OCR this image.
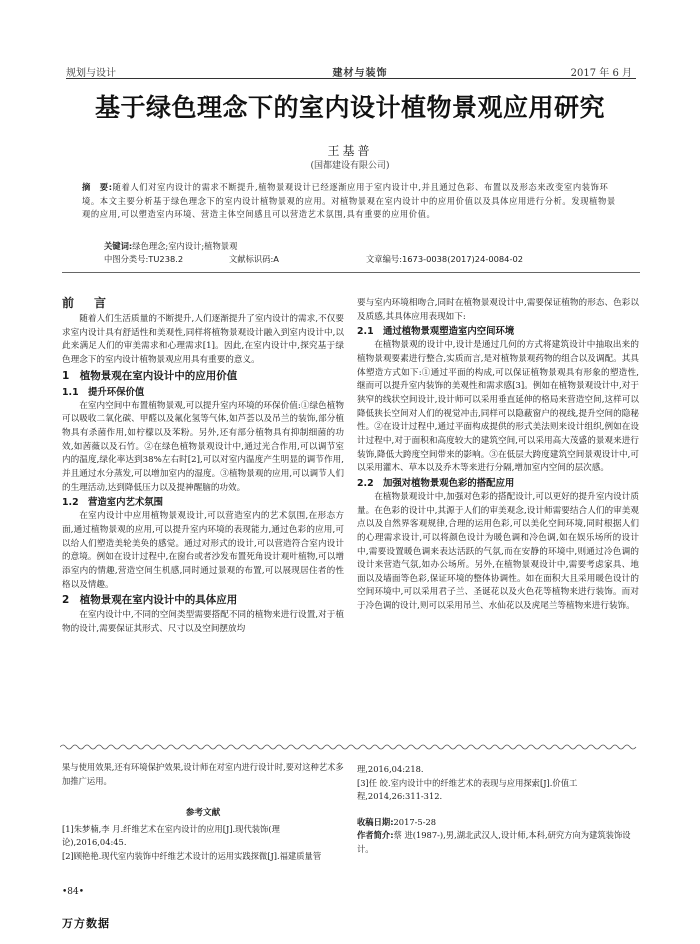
规划与设计	建材与装饰	2017 年 6 月
基于绿色理念下的室内设计植物景观应用研究
王基普
(国都建设有限公司)
摘　要:随着人们对室内设计的需求不断提升,植物景观设计已经逐渐应用于室内设计中,并且通过色彩、布置以及形态来改变室内装饰环境。本文主要分析基于绿色理念下的室内设计植物景观的应用。对植物景观在室内设计中的应用价值以及具体应用进行分析。发现植物景观的应用,可以塑造室内环境、营造主体空间感且可以营造艺术氛围,具有重要的应用价值。
关键词:绿色理念;室内设计;植物景观
中图分类号:TU238.2	文献标识码:A	文章编号:1673-0038(2017)24-0084-02
前　言

随着人们生活质量的不断提升,人们逐渐提升了室内设计的需求,不仅要求室内设计具有舒适性和美观性,同样将植物景观设计融入到室内设计中,以此来满足人们的审美需求和心理需求[1]。因此,在室内设计中,探究基于绿色理念下的室内设计植物景观应用具有重要的意义。

1　植物景观在室内设计中的应用价值
1.1　提升环保价值

在室内空间中布置植物景观,可以提升室内环境的环保价值:①绿色植物可以吸收二氧化碳、甲醛以及氟化氢等气体,如芦荟以及吊兰的装饰,部分植物具有杀菌作用,如柠檬以及苯粉。另外,还有部分植物具有抑制细菌的功效,如茜薇以及石竹。②在绿色植物景观设计中,通过光合作用,可以调节室内的温度,绿化率达到38%左右时[2],可以对室内温度产生明显的调节作用,并且通过水分蒸发,可以增加室内的湿度。③植物景观的应用,可以调节人们的生理活动,达到降低压力以及提神醒脑的功效。

1.2　营造室内艺术氛围

在室内设计中应用植物景观设计,可以营造室内的艺术氛围,在形态方面,通过植物景观的应用,可以提升室内环境的表现能力,通过色彩的应用,可以给人们塑造美轮美奂的感觉。通过对形式的设计,可以营造符合室内设计的意境。例如在设计过程中,在窗台或者沙发布置死角设计观叶植物,可以增添室内的情趣,营造空间生机感,同时通过景观的布置,可以展现居住者的性格以及情趣。

2　植物景观在室内设计中的具体应用

在室内设计中,不同的空间类型需要搭配不同的植物来进行设置,对于植物的设计,需要保证其形式、尺寸以及空间摆放均

要与室内环境相吻合,同时在植物景观设计中,需要保证植物的形态、色彩以及质感,其具体应用表现如下:

2.1　通过植物景观塑造室内空间环境

在植物景观的设计中,设计是通过几何的方式将建筑设计中抽取出来的植物景观要素进行整合,实质而言,是对植物景观药物的组合以及调配。其具体塑造方式如下:①通过平面的构成,可以保证植物景观具有形象的塑造性,继而可以提升室内装饰的美观性和需求感[3]。例如在植物景观设计中,对于狭窄的线状空间设计,设计师可以采用垂直延伸的格局来营造空间,这样可以降低狭长空间对人们的视觉冲击,同样可以隐蔽窗户的视线,提升空间的隐秘性。②在设计过程中,通过平面构成提供的形式美法则来设计组织,例如在设计过程中,对于面积和高度较大的建筑空间,可以采用高大茂盛的景观来进行装饰,降低大跨度空间带来的影响。③在低层大跨度建筑空间景观设计中,可以采用灌木、草本以及乔木等来进行分隔,增加室内空间的层次感。

2.2　加强对植物景观色彩的搭配应用

在植物景观设计中,加强对色彩的搭配设计,可以更好的提升室内设计质量。在色彩的设计中,其源于人们的审美观念,设计师需要结合人们的审美观点以及自然界客观规律,合理的运用色彩,可以美化空间环境,同时根据人们的心理需求设计,可以将颜色设计为暖色调和冷色调,如在娱乐场所的设计中,需要设置暖色调来表达活跃的气氛,而在安静的环境中,则通过冷色调的设计来营造气氛,如办公场所。另外,在植物景观设计中,需要考虑家具、地面以及墙面等色彩,保证环境的整体协调性。如在面积大且采用暖色设计的空间环境中,可以采用君子兰、圣诞花以及火色花等植物来进行装饰。而对于冷色调的设计,则可以采用吊兰、水仙花以及虎尾兰等植物来进行装饰。

果与使用效果,还有环境保护效果,设计师在对室内进行设计时,要对这种艺术多加推广运用。

参考文献

[1]朱梦楠,李 月.纤维艺术在室内设计的应用[J].现代装饰(理论),2016,04:45.

[2]顾艳艳.现代室内装饰中纤维艺术设计的运用实践探微[J].福建质量管

理,2016,04:218.

[3]任 皎.室内设计中的纤维艺术的表现与应用探索[J].价值工程,2014,26:311-312.

收稿日期:2017-5-28

作者简介:蔡 进(1987-),男,湖北武汉人,设计师,本科,研究方向为建筑装饰设计。

•84•
万方数据
